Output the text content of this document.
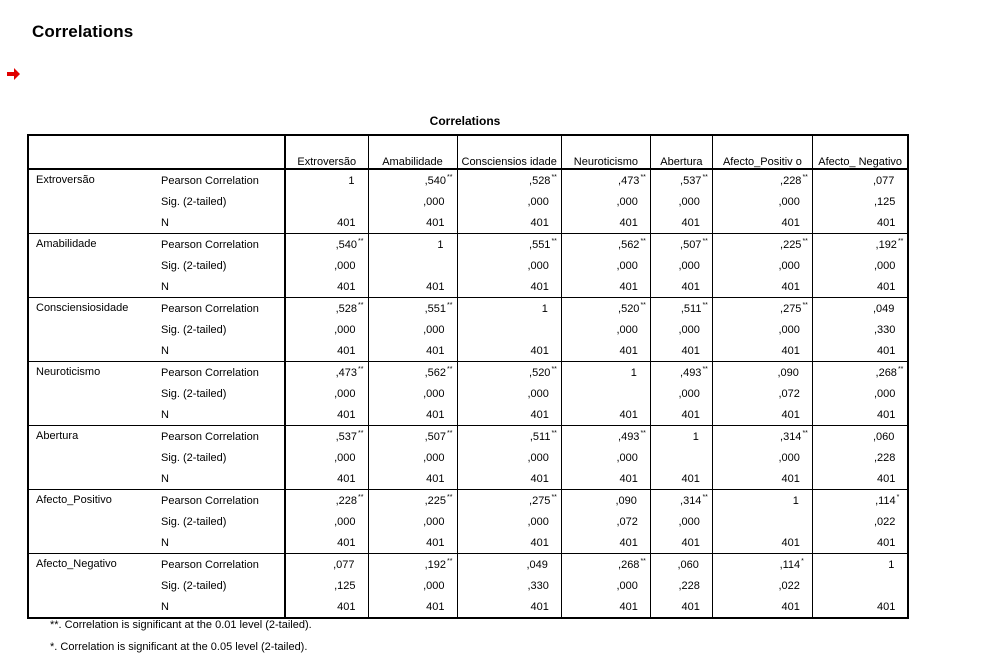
Correlations
Correlations

		Extroversão	Amabilidade	Consciensios idade	Neuroticismo	Abertura	Afecto_Positiv o	Afecto_ Negativo

Extroversão	Pearson Correlation	1	,540**	,528**	,473**	,537**	,228**	,077
	Sig. (2-tailed)		,000	,000	,000	,000	,000	,125
	N	401	401	401	401	401	401	401
Amabilidade	Pearson Correlation	,540**	1	,551**	,562**	,507**	,225**	,192**
	Sig. (2-tailed)	,000		,000	,000	,000	,000	,000
	N	401	401	401	401	401	401	401
Consciensiosidade	Pearson Correlation	,528**	,551**	1	,520**	,511**	,275**	,049
	Sig. (2-tailed)	,000	,000		,000	,000	,000	,330
	N	401	401	401	401	401	401	401
Neuroticismo	Pearson Correlation	,473**	,562**	,520**	1	,493**	,090	,268**
	Sig. (2-tailed)	,000	,000	,000		,000	,072	,000
	N	401	401	401	401	401	401	401
Abertura	Pearson Correlation	,537**	,507**	,511**	,493**	1	,314**	,060
	Sig. (2-tailed)	,000	,000	,000	,000		,000	,228
	N	401	401	401	401	401	401	401
Afecto_Positivo	Pearson Correlation	,228**	,225**	,275**	,090	,314**	1	,114*
	Sig. (2-tailed)	,000	,000	,000	,072	,000		,022
	N	401	401	401	401	401	401	401
Afecto_Negativo	Pearson Correlation	,077	,192**	,049	,268**	,060	,114*	1
	Sig. (2-tailed)	,125	,000	,330	,000	,228	,022	
	N	401	401	401	401	401	401	401
**. Correlation is significant at the 0.01 level (2-tailed).
*. Correlation is significant at the 0.05 level (2-tailed).
